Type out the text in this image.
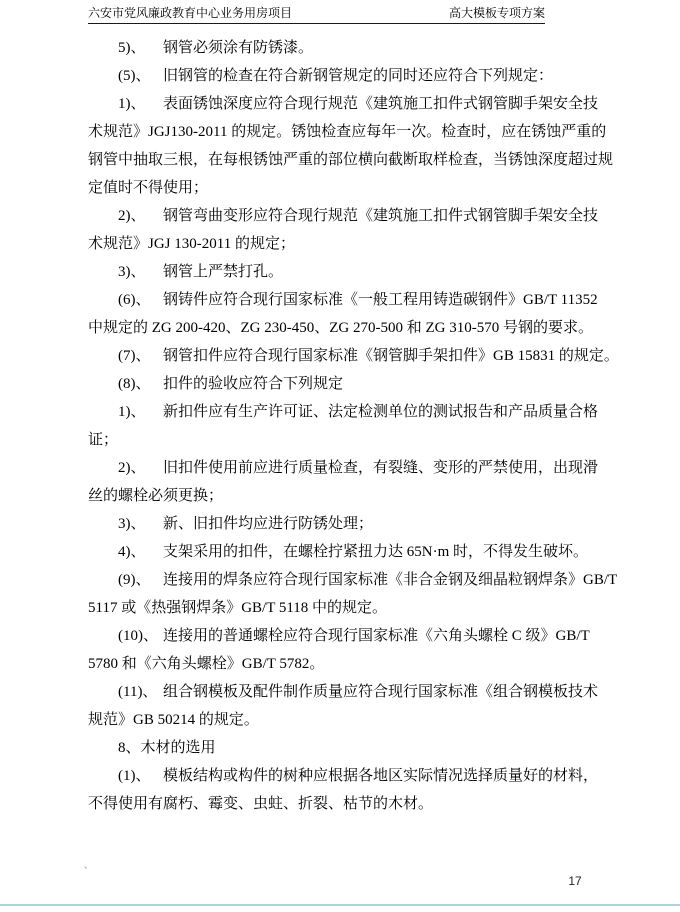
六安市党风廉政教育中心业务用房项目	高大模板专项方案
5)、 钢管必须涂有防锈漆。
(5)、 旧钢管的检查在符合新钢管规定的同时还应符合下列规定：
1)、 表面锈蚀深度应符合现行规范《建筑施工扣件式钢管脚手架安全技
术规范》JGJ130-2011 的规定。锈蚀检查应每年一次。检查时，应在锈蚀严重的
钢管中抽取三根，在每根锈蚀严重的部位横向截断取样检查，当锈蚀深度超过规
定值时不得使用；
2)、 钢管弯曲变形应符合现行规范《建筑施工扣件式钢管脚手架安全技
术规范》JGJ 130-2011 的规定；
3)、 钢管上严禁打孔。
(6)、 钢铸件应符合现行国家标准《一般工程用铸造碳钢件》GB/T 11352
中规定的 ZG 200-420、ZG 230-450、ZG 270-500 和 ZG 310-570 号钢的要求。
(7)、 钢管扣件应符合现行国家标准《钢管脚手架扣件》GB 15831 的规定。
(8)、 扣件的验收应符合下列规定
1)、 新扣件应有生产许可证、法定检测单位的测试报告和产品质量合格
证；
2)、 旧扣件使用前应进行质量检查，有裂缝、变形的严禁使用，出现滑
丝的螺栓必须更换；
3)、 新、旧扣件均应进行防锈处理；
4)、 支架采用的扣件，在螺栓拧紧扭力达 65N·m 时，不得发生破坏。
(9)、 连接用的焊条应符合现行国家标准《非合金钢及细晶粒钢焊条》GB/T
5117 或《热强钢焊条》GB/T 5118 中的规定。
(10)、 连接用的普通螺栓应符合现行国家标准《六角头螺栓 C 级》GB/T
5780 和《六角头螺栓》GB/T 5782。
(11)、 组合钢模板及配件制作质量应符合现行国家标准《组合钢模板技术
规范》GB 50214 的规定。
8、木材的选用
(1)、 模板结构或构件的树种应根据各地区实际情况选择质量好的材料，
不得使用有腐朽、霉变、虫蛀、折裂、枯节的木材。
、
17
